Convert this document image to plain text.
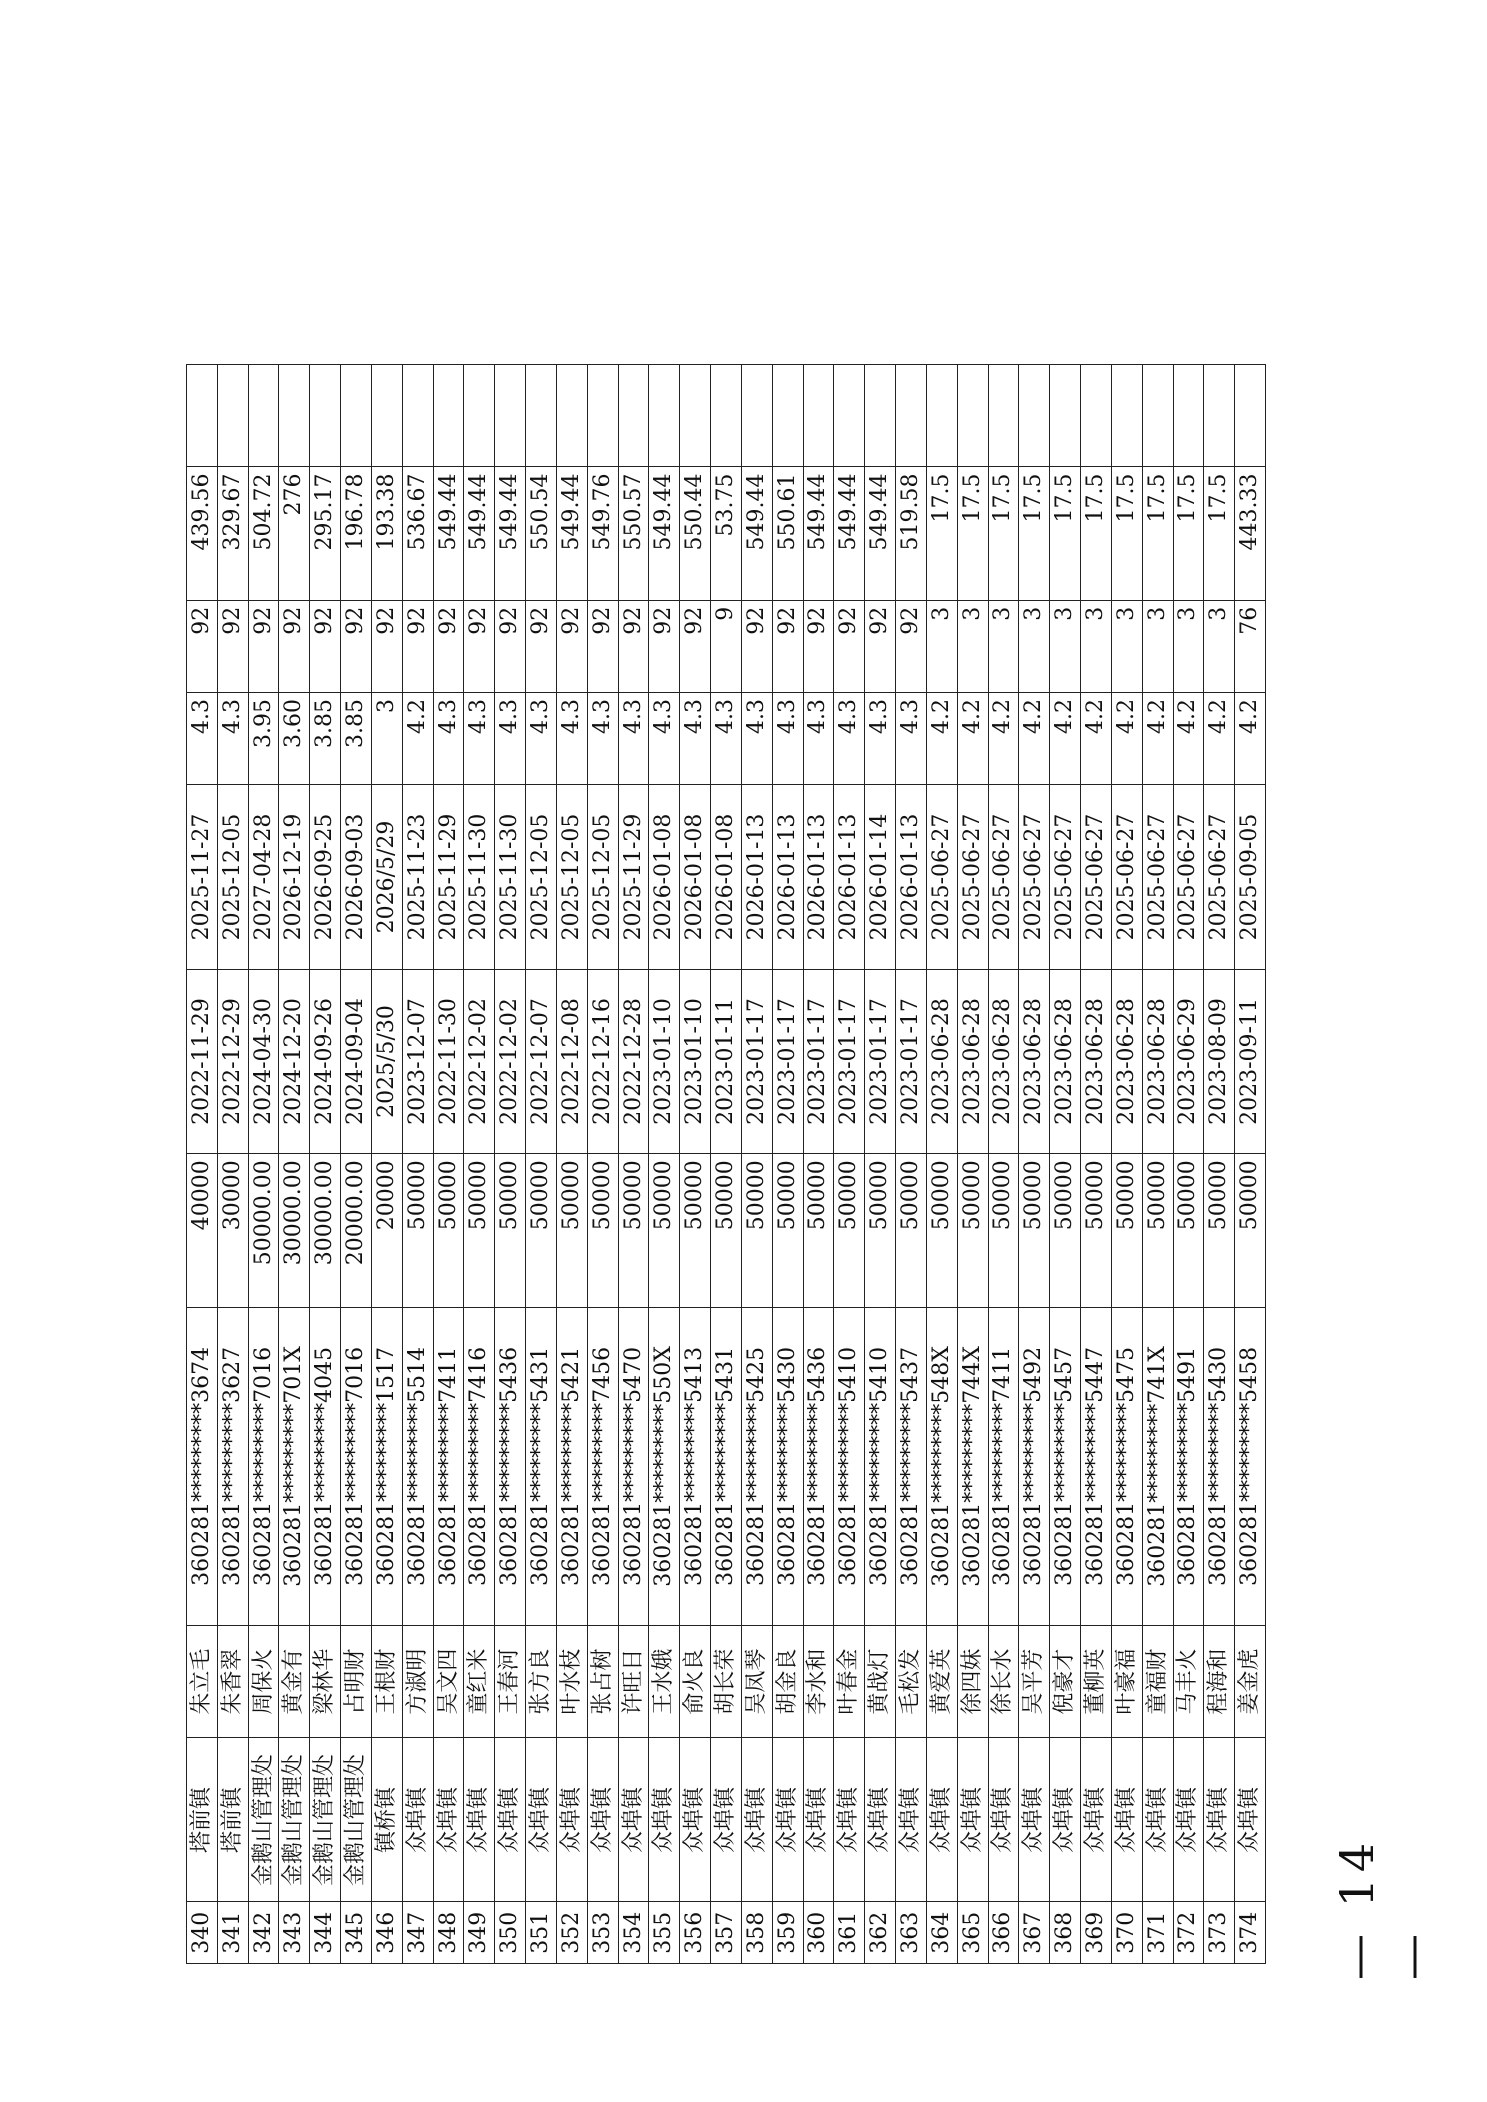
340	塔前镇	朱立毛	360281*********3674	40000	2022-11-29	2025-11-27	4.3	92	439.56	
341	塔前镇	朱香翠	360281*********3627	30000	2022-12-29	2025-12-05	4.3	92	329.67	
342	金鹅山管理处	周保火	360281*********7016	50000.00	2024-04-30	2027-04-28	3.95	92	504.72	
343	金鹅山管理处	黄金有	360281*********701X	30000.00	2024-12-20	2026-12-19	3.60	92	276	
344	金鹅山管理处	梁林华	360281*********4045	30000.00	2024-09-26	2026-09-25	3.85	92	295.17	
345	金鹅山管理处	占明财	360281*********7016	20000.00	2024-09-04	2026-09-03	3.85	92	196.78	
346	镇桥镇	王根财	360281*********1517	20000	2025/5/30	2026/5/29	3	92	193.38	
347	众埠镇	方淑明	360281*********5514	50000	2023-12-07	2025-11-23	4.2	92	536.67	
348	众埠镇	吴文四	360281*********7411	50000	2022-11-30	2025-11-29	4.3	92	549.44	
349	众埠镇	童红米	360281*********7416	50000	2022-12-02	2025-11-30	4.3	92	549.44	
350	众埠镇	王春河	360281*********5436	50000	2022-12-02	2025-11-30	4.3	92	549.44	
351	众埠镇	张方良	360281*********5431	50000	2022-12-07	2025-12-05	4.3	92	550.54	
352	众埠镇	叶水枝	360281*********5421	50000	2022-12-08	2025-12-05	4.3	92	549.44	
353	众埠镇	张占树	360281*********7456	50000	2022-12-16	2025-12-05	4.3	92	549.76	
354	众埠镇	许旺日	360281*********5470	50000	2022-12-28	2025-11-29	4.3	92	550.57	
355	众埠镇	王水娥	360281*********550X	50000	2023-01-10	2026-01-08	4.3	92	549.44	
356	众埠镇	俞火良	360281*********5413	50000	2023-01-10	2026-01-08	4.3	92	550.44	
357	众埠镇	胡长荣	360281*********5431	50000	2023-01-11	2026-01-08	4.3	9	53.75	
358	众埠镇	吴凤琴	360281*********5425	50000	2023-01-17	2026-01-13	4.3	92	549.44	
359	众埠镇	胡金良	360281*********5430	50000	2023-01-17	2026-01-13	4.3	92	550.61	
360	众埠镇	李水和	360281*********5436	50000	2023-01-17	2026-01-13	4.3	92	549.44	
361	众埠镇	叶春金	360281*********5410	50000	2023-01-17	2026-01-13	4.3	92	549.44	
362	众埠镇	黄战灯	360281*********5410	50000	2023-01-17	2026-01-14	4.3	92	549.44	
363	众埠镇	毛松发	360281*********5437	50000	2023-01-17	2026-01-13	4.3	92	519.58	
364	众埠镇	黄爱英	360281*********548X	50000	2023-06-28	2025-06-27	4.2	3	17.5	
365	众埠镇	徐四妹	360281*********744X	50000	2023-06-28	2025-06-27	4.2	3	17.5	
366	众埠镇	徐长水	360281*********7411	50000	2023-06-28	2025-06-27	4.2	3	17.5	
367	众埠镇	吴平芳	360281*********5492	50000	2023-06-28	2025-06-27	4.2	3	17.5	
368	众埠镇	倪豪才	360281*********5457	50000	2023-06-28	2025-06-27	4.2	3	17.5	
369	众埠镇	董柳英	360281*********5447	50000	2023-06-28	2025-06-27	4.2	3	17.5	
370	众埠镇	叶豪福	360281*********5475	50000	2023-06-28	2025-06-27	4.2	3	17.5	
371	众埠镇	童福财	360281*********741X	50000	2023-06-28	2025-06-27	4.2	3	17.5	
372	众埠镇	马丰火	360281*********5491	50000	2023-06-29	2025-06-27	4.2	3	17.5	
373	众埠镇	程海和	360281*********5430	50000	2023-08-09	2025-06-27	4.2	3	17.5	
374	众埠镇	姜金虎	360281*********5458	50000	2023-09-11	2025-09-05	4.2	76	443.33	
— 14 —
